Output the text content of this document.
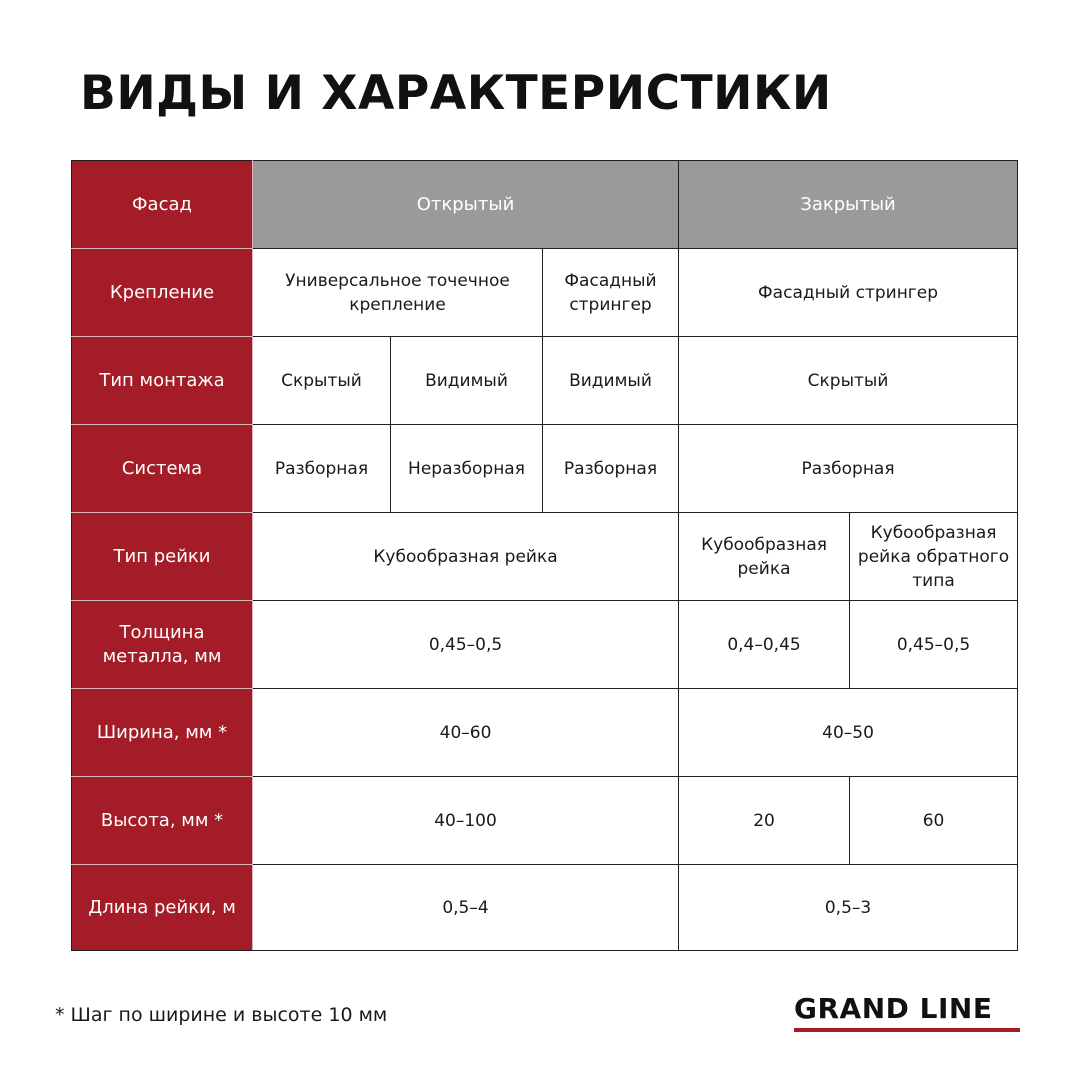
ВИДЫ И ХАРАКТЕРИСТИКИ
Фасад	Открытый			Закрытый	
Крепление	Универсальное точечное крепление		Фасадный стрингер	Фасадный стрингер	
Тип монтажа	Скрытый	Видимый	Видимый	Скрытый	
Система	Разборная	Неразборная	Разборная	Разборная	
Тип рейки	Кубообразная рейка			Кубообразная рейка	Кубообразная рейка обратного типа
Толщина металла, мм	0,45–0,5			0,4–0,45	0,45–0,5
Ширина, мм *	40–60			40–50	
Высота, мм *	40–100			20	60
Длина рейки, м	0,5–4			0,5–3	

* Шаг по ширине и высоте 10 мм	GRAND LINE
